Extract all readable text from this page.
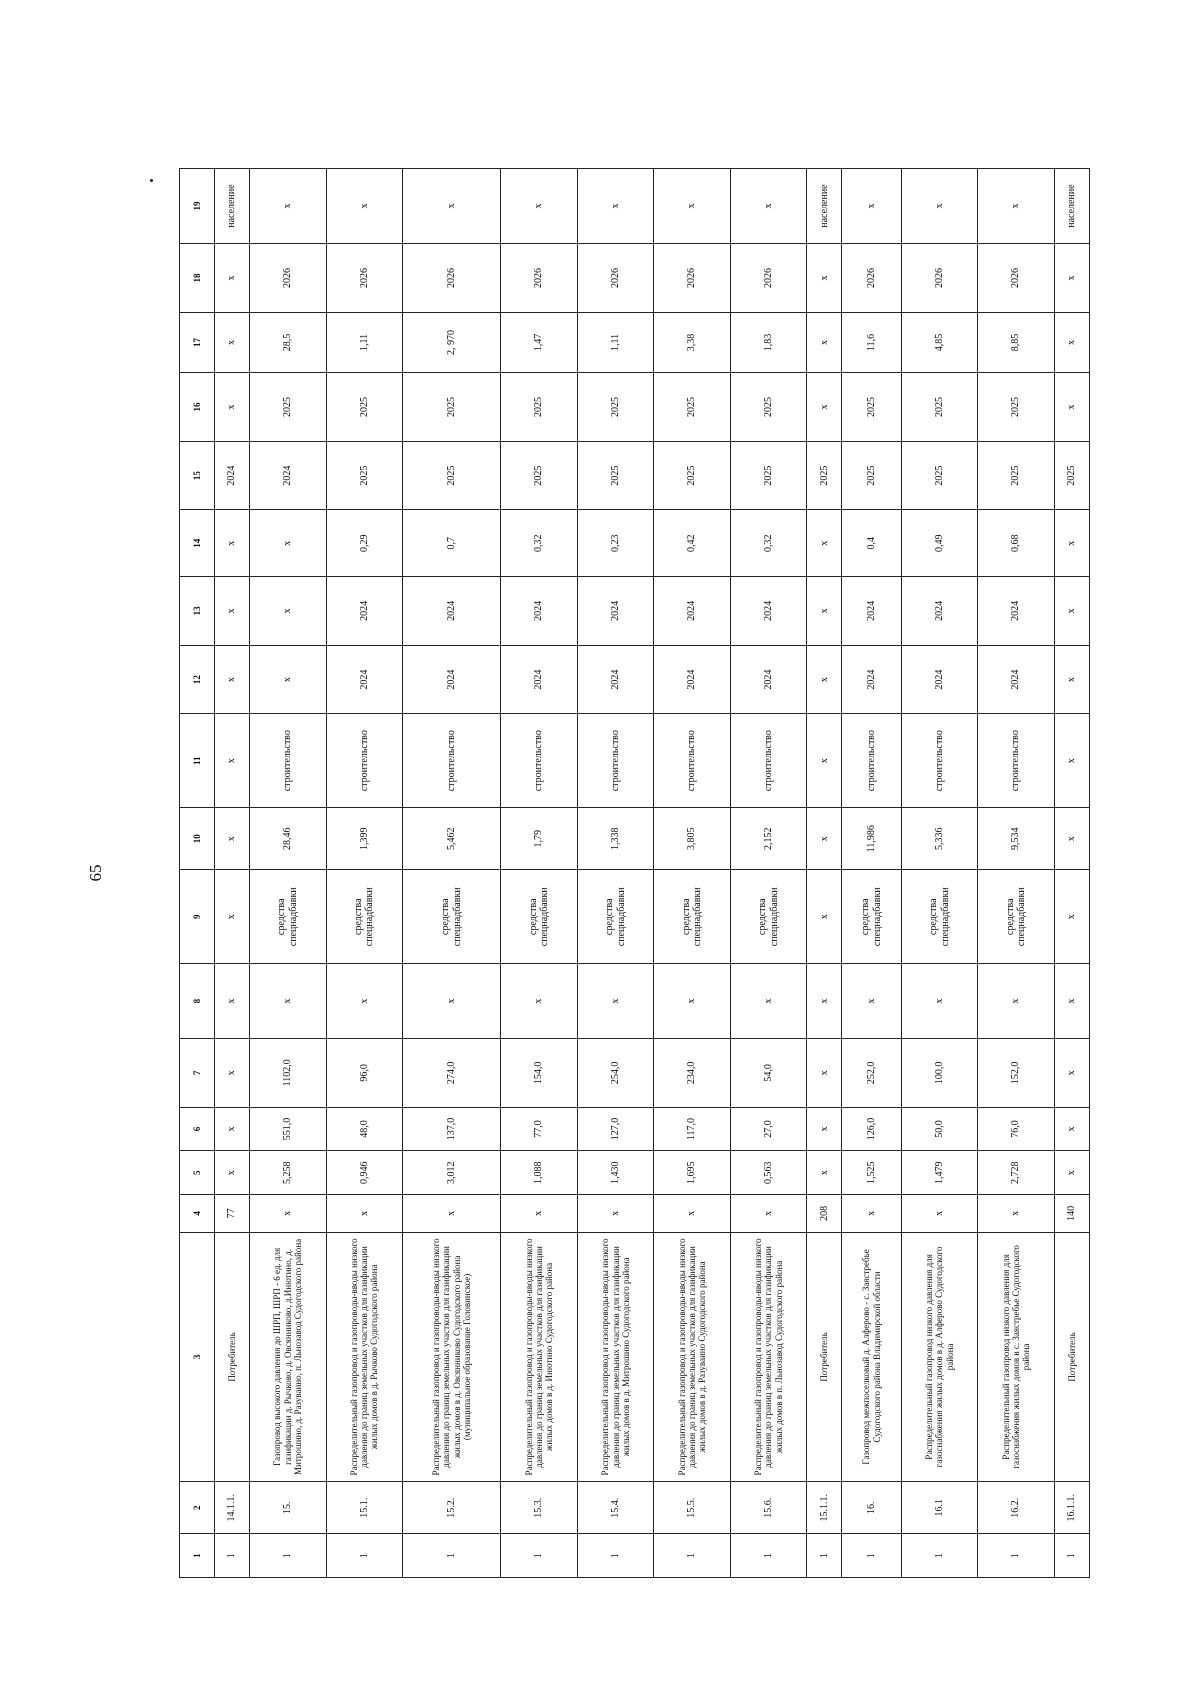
65
1	2	3	4	5	6	7	8	9	10	11	12	13	14	15	16	17	18	19
1	14.1.1.	Потребитель	77	x	x	x	x	x	x	x	x	x	x	2024	x	x	x	население
1	15.	Газопровод высокого давления до ШРП, ШРП - 6 ед. для газификации д. Рычково, д. Овсянниково, д.Инютино, д. Митрошино, д. Разуваино, п. Льнозавод Судогодского района	x	5,258	551,0	1102,0	x	средства спецнадбавки	28,46	строительство	x	x	x	2024	2025	28,5	2026	x
1	15.1.	Распределительный газопровод и газопроводы-вводы низкого давления до границ земельных участков для газификации жилых домов в д. Рычково Судогодского района	x	0,946	48,0	96,0	x	средства спецнадбавки	1,399	строительство	2024	2024	0,29	2025	2025	1,11	2026	x
1	15.2.	Распределительный газопровод и газопроводы-вводы низкого давления до границ земельных участков для газификации жилых домов в д. Овсянниково Судогодского района (муниципальное образование Головинское)	x	3,012	137,0	274,0	x	средства спецнадбавки	5,462	строительство	2024	2024	0,7	2025	2025	2, 970	2026	x
1	15.3.	Распределительный газопровод и газопроводы-вводы низкого давления до границ земельных участков для газификации жилых домов в д. Инютино Судогодского района	x	1,088	77,0	154,0	x	средства спецнадбавки	1,79	строительство	2024	2024	0,32	2025	2025	1,47	2026	x
1	15.4.	Распределительный газопровод и газопроводы-вводы низкого давления до границ земельных участков для газификации жилых домов в д. Митрошино Судогодского района	x	1,430	127,0	254,0	x	средства спецнадбавки	1,338	строительство	2024	2024	0,23	2025	2025	1,11	2026	x
1	15.5.	Распределительный газопровод и газопроводы-вводы низкого давления до границ земельных участков для газификации жилых домов в д. Разуваино Судогодского района	x	1,695	117,0	234,0	x	средства спецнадбавки	3,805	строительство	2024	2024	0,42	2025	2025	3,38	2026	x
1	15.6.	Распределительный газопровод и газопроводы-вводы низкого давления до границ земельных участков для газификации жилых домов в п. Льнозавод Судогодского района	x	0,563	27,0	54,0	x	средства спецнадбавки	2,152	строительство	2024	2024	0,32	2025	2025	1,83	2026	x
1	15.1.1.	Потребитель	208	x	x	x	x	x	x	x	x	x	x	2025	x	x	x	население
1	16.	Газопровод межпоселковый д. Алферово - с. Заястребье Судогодского района Владимирской области	x	1,525	126,0	252,0	x	средства спецнадбавки	11,986	строительство	2024	2024	0,4	2025	2025	11,6	2026	x
1	16.1	Распределительный газопровод низкого давления для газоснабжения жилых домов в д. Алферово Судогодского района	x	1,479	50,0	100,0	x	средства спецнадбавки	5,336	строительство	2024	2024	0,49	2025	2025	4,85	2026	x
1	16.2.	Распределительный газопровод низкого давления для газоснабжения жилых домов в с. Заястребье Судогодского района	x	2,728	76,0	152,0	x	средства спецнадбавки	9,534	строительство	2024	2024	0,68	2025	2025	8,85	2026	x
1	16.1.1.	Потребитель	140	x	x	x	x	x	x	x	x	x	x	2025	x	x	x	население
